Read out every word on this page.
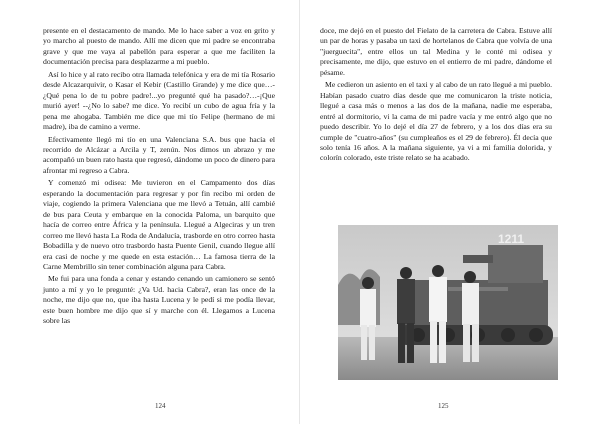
presente en el destacamento de mando. Me lo hace saber a voz en grito y yo marcho al puesto de mando. Allí me dicen que mi padre se encontraba grave y que me vaya al pabellón para esperar a que me faciliten la documentación precisa para desplazarme a mi pueblo.

Así lo hice y al rato recibo otra llamada telefónica y era de mi tía Rosario desde Alcazarquivir, o Kasar el Kebir (Castillo Grande) y me dice que…-¿Qué pena lo de tu pobre padre!...yo pregunté qué ha pasado?…-¡Que murió ayer! --¿No lo sabe? me dice. Yo recibí un cubo de agua fría y la pena me ahogaba. También me dice que mi tío Felipe (hermano de mi madre), iba de camino a verme.

Efectivamente llegó mi tío en una Valenciana S.A. bus que hacía el recorrido de Alcázar a Arcila y T, zenún. Nos dimos un abrazo y me acompañó un buen rato hasta que regresó, dándome un poco de dinero para afrontar mi regreso a Cabra.

Y comenzó mi odisea: Me tuvieron en el Campamento dos días esperando la documentación para regresar y por fin recibo mi orden de viaje, cogiendo la primera Valenciana que me llevó a Tetuán, allí cambié de bus para Ceuta y embarque en la conocida Paloma, un barquito que hacía de correo entre África y la península. Llegué a Algeciras y un tren correo me llevó hasta La Roda de Andalucía, trasborde en otro correo hasta Bobadilla y de nuevo otro trasbordo hasta Puente Genil, cuando llegue allí era casi de noche y me quede en esta estación… La famosa tierra de la Carne Membrillo sin tener combinación alguna para Cabra.

Me fui para una fonda a cenar y estando cenando un camionero se sentó junto a mí y yo le pregunté: ¿Va Ud. hacia Cabra?, eran las once de la noche, me dijo que no, que iba hasta Lucena y le pedí si me podía llevar, este buen hombre me dijo que sí y marche con él. Llegamos a Lucena sobre las

124

doce, me dejó en el puesto del Fielato de la carretera de Cabra. Estuve allí un par de horas y pasaba un taxi de hortelanos de Cabra que volvía de una "juerguecita", entre ellos un tal Medina y le conté mi odisea y precisamente, me dijo, que estuvo en el entierro de mi padre, dándome el pésame.

Me cedieron un asiento en el taxi y al cabo de un rato llegué a mi pueblo. Habían pasado cuatro días desde que me comunicaron la triste noticia, llegué a casa más o menos a las dos de la mañana, nadie me esperaba, entré al dormitorio, vi la cama de mi padre vacía y me entró algo que no puedo describir. Yo lo dejé el día 27 de febrero, y a los dos días era su cumple de "cuatro-años" (su cumpleaños es el 29 de febrero). Él decía que solo tenía 16 años. A la mañana siguiente, ya vi a mi familia dolorida, y colorín colorado, este triste relato se ha acabado.

1211
125
